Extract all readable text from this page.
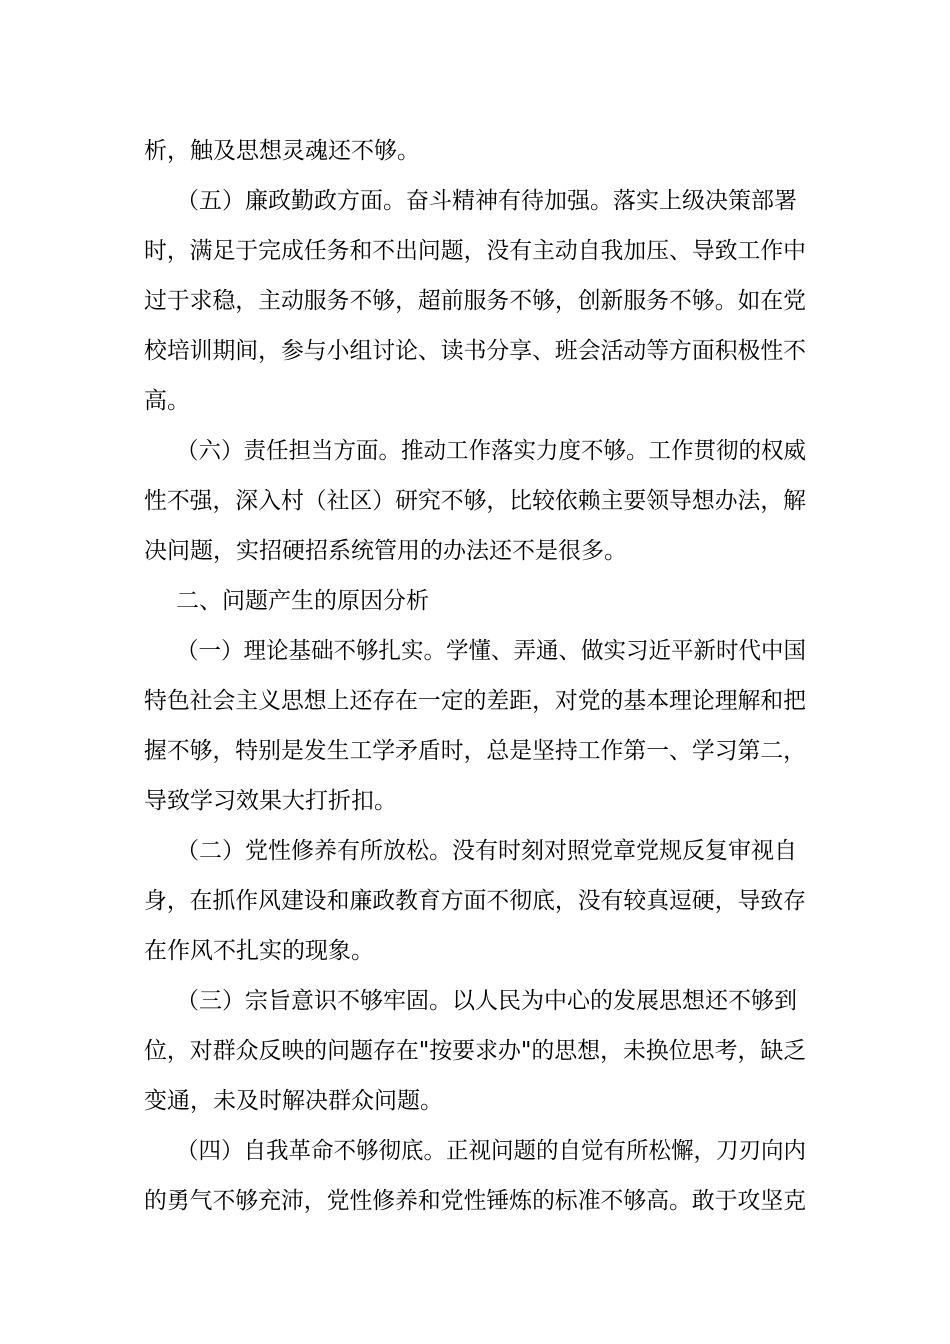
析，触及思想灵魂还不够。
（五）廉政勤政方面。奋斗精神有待加强。落实上级决策部署
时，满足于完成任务和不出问题，没有主动自我加压、导致工作中
过于求稳，主动服务不够，超前服务不够，创新服务不够。如在党
校培训期间，参与小组讨论、读书分享、班会活动等方面积极性不
高。
（六）责任担当方面。推动工作落实力度不够。工作贯彻的权威
性不强，深入村（社区）研究不够，比较依赖主要领导想办法，解
决问题，实招硬招系统管用的办法还不是很多。
二、问题产生的原因分析
（一）理论基础不够扎实。学懂、弄通、做实习近平新时代中国
特色社会主义思想上还存在一定的差距，对党的基本理论理解和把
握不够，特别是发生工学矛盾时，总是坚持工作第一、学习第二，
导致学习效果大打折扣。
（二）党性修养有所放松。没有时刻对照党章党规反复审视自
身，在抓作风建设和廉政教育方面不彻底，没有较真逗硬，导致存
在作风不扎实的现象。
（三）宗旨意识不够牢固。以人民为中心的发展思想还不够到
位，对群众反映的问题存在"按要求办"的思想，未换位思考，缺乏
变通，未及时解决群众问题。
（四）自我革命不够彻底。正视问题的自觉有所松懈，刀刃向内
的勇气不够充沛，党性修养和党性锤炼的标准不够高。敢于攻坚克
